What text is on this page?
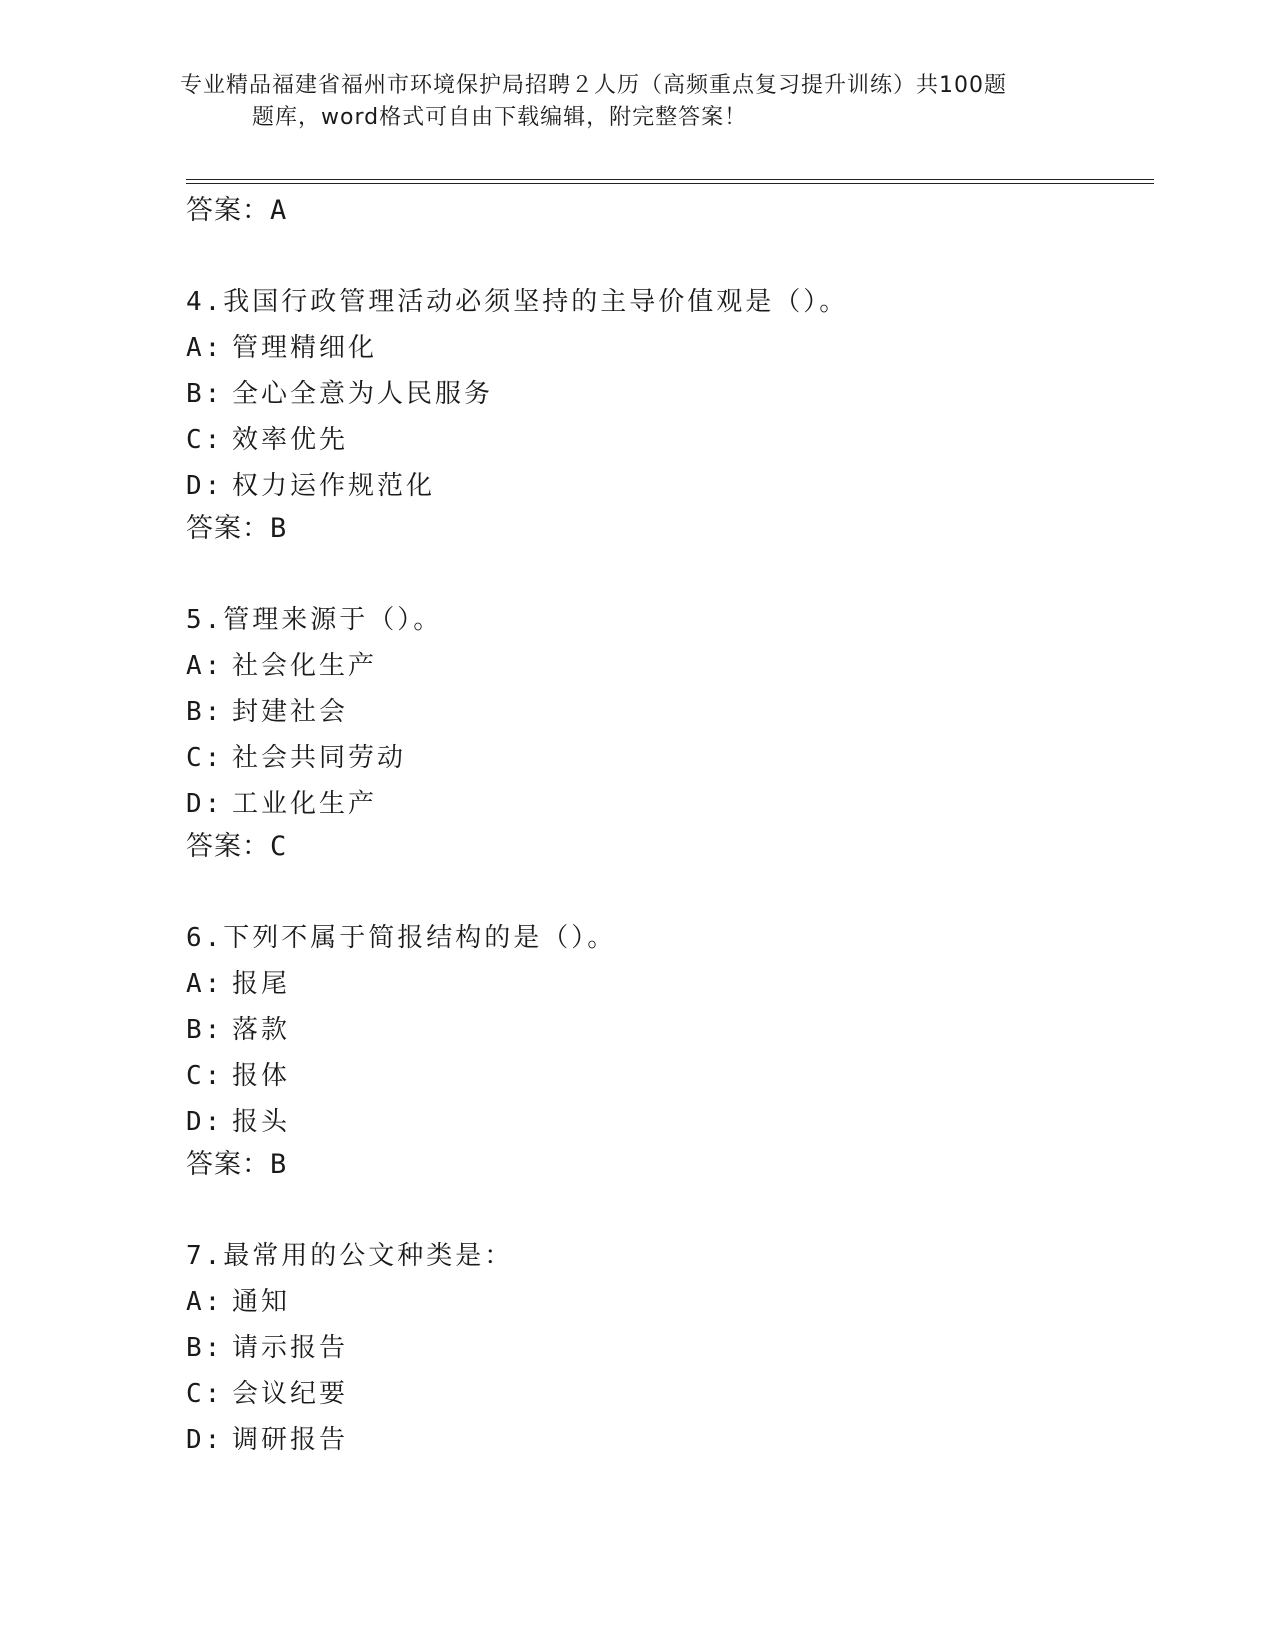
专业精品福建省福州市环境保护局招聘２人历（高频重点复习提升训练）共100题
题库，word格式可自由下载编辑，附完整答案！
答案：A
4.我国行政管理活动必须坚持的主导价值观是（）。
A: 管理精细化
B: 全心全意为人民服务
C: 效率优先
D: 权力运作规范化
答案：B
5.管理来源于（）。
A: 社会化生产
B: 封建社会
C: 社会共同劳动
D: 工业化生产
答案：C
6.下列不属于简报结构的是（）。
A: 报尾
B: 落款
C: 报体
D: 报头
答案：B
7.最常用的公文种类是：
A: 通知
B: 请示报告
C: 会议纪要
D: 调研报告
